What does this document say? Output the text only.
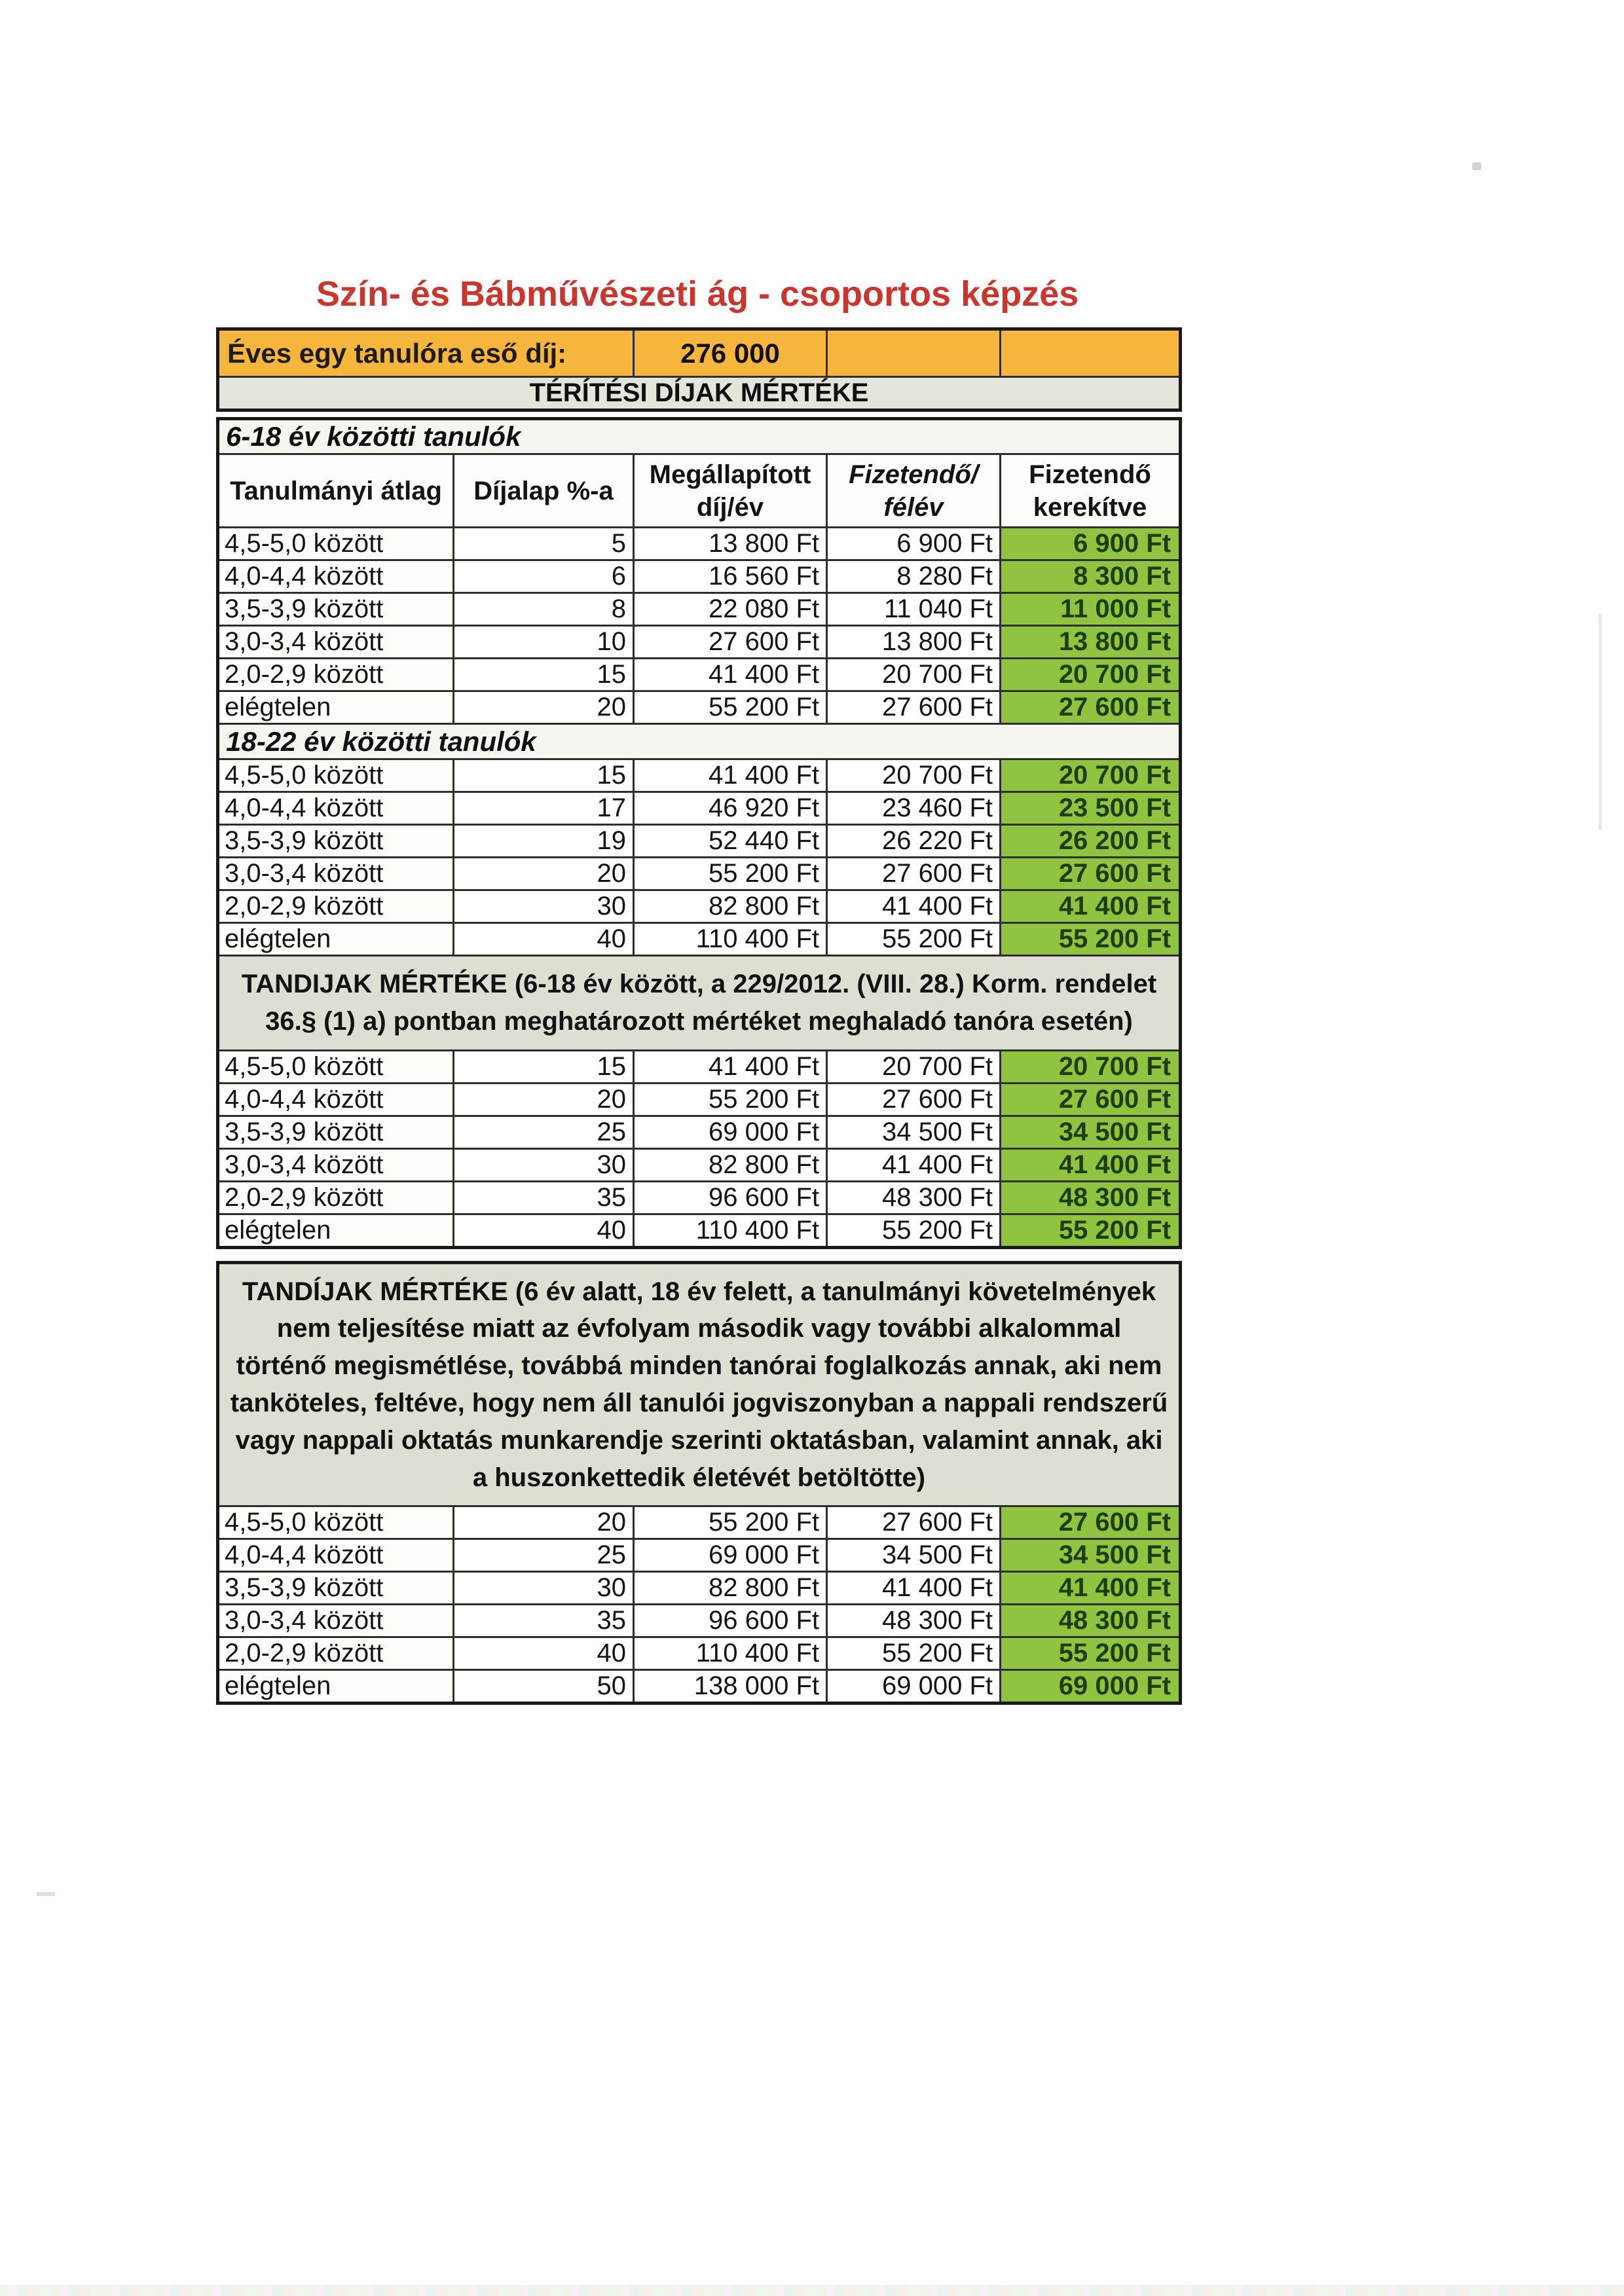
Szín- és Bábművészeti ág - csoportos képzés
Éves egy tanulóra eső díj:	276 000		
TÉRÍTÉSI DÍJAK MÉRTÉKE
6-18 év közötti tanulók				
Tanulmányi átlag	Díjalap %-a	Megállapított díj/év	Fizetendő/ félév	Fizetendő kerekítve
4,5-5,0 között	5	13 800 Ft	6 900 Ft	6 900 Ft
4,0-4,4 között	6	16 560 Ft	8 280 Ft	8 300 Ft
3,5-3,9 között	8	22 080 Ft	11 040 Ft	11 000 Ft
3,0-3,4 között	10	27 600 Ft	13 800 Ft	13 800 Ft
2,0-2,9 között	15	41 400 Ft	20 700 Ft	20 700 Ft
elégtelen	20	55 200 Ft	27 600 Ft	27 600 Ft
18-22 év közötti tanulók				
4,5-5,0 között	15	41 400 Ft	20 700 Ft	20 700 Ft
4,0-4,4 között	17	46 920 Ft	23 460 Ft	23 500 Ft
3,5-3,9 között	19	52 440 Ft	26 220 Ft	26 200 Ft
3,0-3,4 között	20	55 200 Ft	27 600 Ft	27 600 Ft
2,0-2,9 között	30	82 800 Ft	41 400 Ft	41 400 Ft
elégtelen	40	110 400 Ft	55 200 Ft	55 200 Ft
TANDIJAK MÉRTÉKE (6-18 év között, a 229/2012. (VIII. 28.) Korm. rendelet 36.§ (1) a) pontban meghatározott mértéket meghaladó tanóra esetén)				
4,5-5,0 között	15	41 400 Ft	20 700 Ft	20 700 Ft
4,0-4,4 között	20	55 200 Ft	27 600 Ft	27 600 Ft
3,5-3,9 között	25	69 000 Ft	34 500 Ft	34 500 Ft
3,0-3,4 között	30	82 800 Ft	41 400 Ft	41 400 Ft
2,0-2,9 között	35	96 600 Ft	48 300 Ft	48 300 Ft
elégtelen	40	110 400 Ft	55 200 Ft	55 200 Ft
TANDÍJAK MÉRTÉKE (6 év alatt, 18 év felett, a tanulmányi követelmények nem teljesítése miatt az évfolyam második vagy további alkalommal történő megismétlése, továbbá minden tanórai foglalkozás annak, aki nem tanköteles, feltéve, hogy nem áll tanulói jogviszonyban a nappali rendszerű vagy nappali oktatás munkarendje szerinti oktatásban, valamint annak, aki a huszonkettedik életévét betöltötte)				
4,5-5,0 között	20	55 200 Ft	27 600 Ft	27 600 Ft
4,0-4,4 között	25	69 000 Ft	34 500 Ft	34 500 Ft
3,5-3,9 között	30	82 800 Ft	41 400 Ft	41 400 Ft
3,0-3,4 között	35	96 600 Ft	48 300 Ft	48 300 Ft
2,0-2,9 között	40	110 400 Ft	55 200 Ft	55 200 Ft
elégtelen	50	138 000 Ft	69 000 Ft	69 000 Ft
